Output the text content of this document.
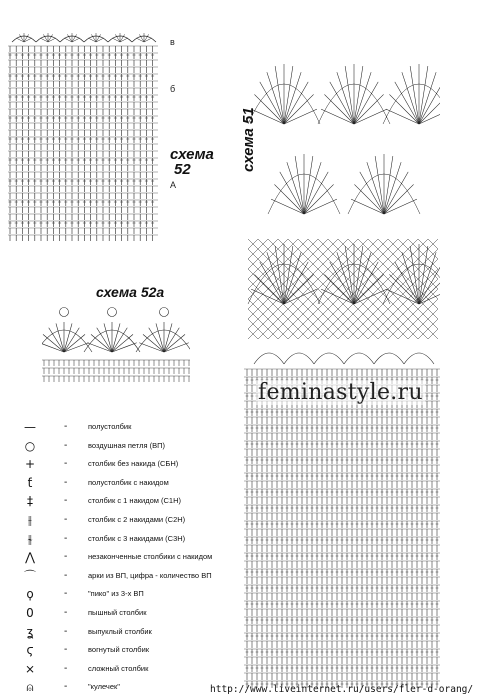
в
б
А
схема
52
схема 52а
схема 51
feminastyle.ru
—	-	полустолбик
○	-	воздушная петля (ВП)
+	-	столбик без накида (СБН)
ƭ	-	полустолбик с накидом
‡	-	столбик с 1 накидом (С1Н)
⫲	-	столбик с 2 накидами (С2Н)
⫳	-	столбик с 3 накидами (С3Н)
⋀	-	незаконченные столбики с накидом
⌒	-	арки из ВП, цифра - количество ВП
ϙ	-	"пико" из 3-х ВП
0	-	пышный столбик
ʓ	-	выпуклый столбик
ϛ	-	вогнутый столбик
⨯	-	сложный столбик
⍝	-	"кулечек"	http://www.liveinternet.ru/users/fler-d-orang/
